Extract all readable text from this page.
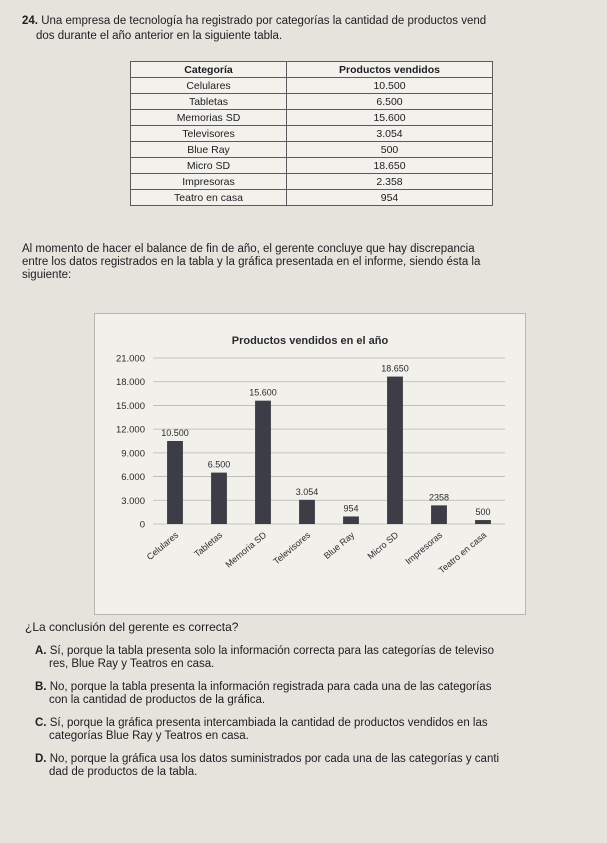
24. Una empresa de tecnología ha registrado por categorías la cantidad de productos vend
dos durante el año anterior en la siguiente tabla.
Categoría	Productos vendidos
Celulares	10.500
Tabletas	6.500
Memorias SD	15.600
Televisores	3.054
Blue Ray	500
Micro SD	18.650
Impresoras	2.358
Teatro en casa	954
Al momento de hacer el balance de fin de año, el gerente concluye que hay discrepancia
entre los datos registrados en la tabla y la gráfica presentada en el informe, siendo ésta la
siguiente:
Productos vendidos en el año
0
3.000
6.000
9.000
12.000
15.000
18.000
21.000
10.500
6.500
15.600
3.054
954
18.650
2358
500
Celulares Tabletas Memoria SD Televisores Blue Ray Micro SD Impresoras
Teatro en casa
¿La conclusión del gerente es correcta?
A. Sí, porque la tabla presenta solo la información correcta para las categorías de televiso
res, Blue Ray y Teatros en casa.
B. No, porque la tabla presenta la información registrada para cada una de las categorías
con la cantidad de productos de la gráfica.
C. Sí, porque la gráfica presenta intercambiada la cantidad de productos vendidos en las
categorías Blue Ray y Teatros en casa.
D. No, porque la gráfica usa los datos suministrados por cada una de las categorías y canti
dad de productos de la tabla.
